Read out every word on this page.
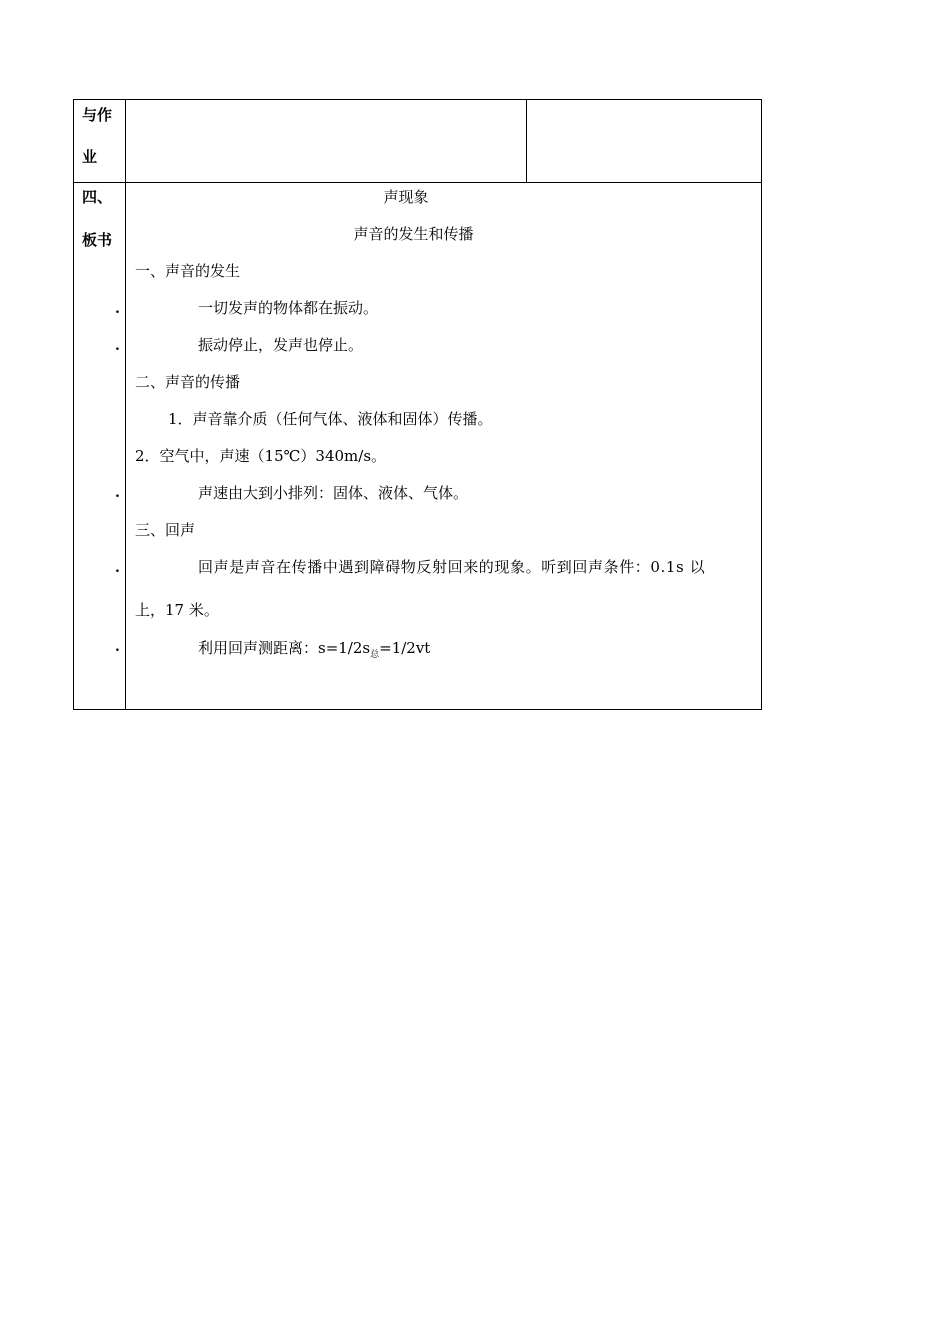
与作
业
四、
板书
.
.
.
.
.
声现象
声音的发生和传播
一、声音的发生
一切发声的物体都在振动。
振动停止，发声也停止。
二、声音的传播
1．声音靠介质（任何气体、液体和固体）传播。
2．空气中，声速（15℃）340m/s。
声速由大到小排列：固体、液体、气体。
三、回声
回声是声音在传播中遇到障碍物反射回来的现象。听到回声条件：0.1s 以
上，17 米。
利用回声测距离：$s=1/2s_总=1/2vt$
